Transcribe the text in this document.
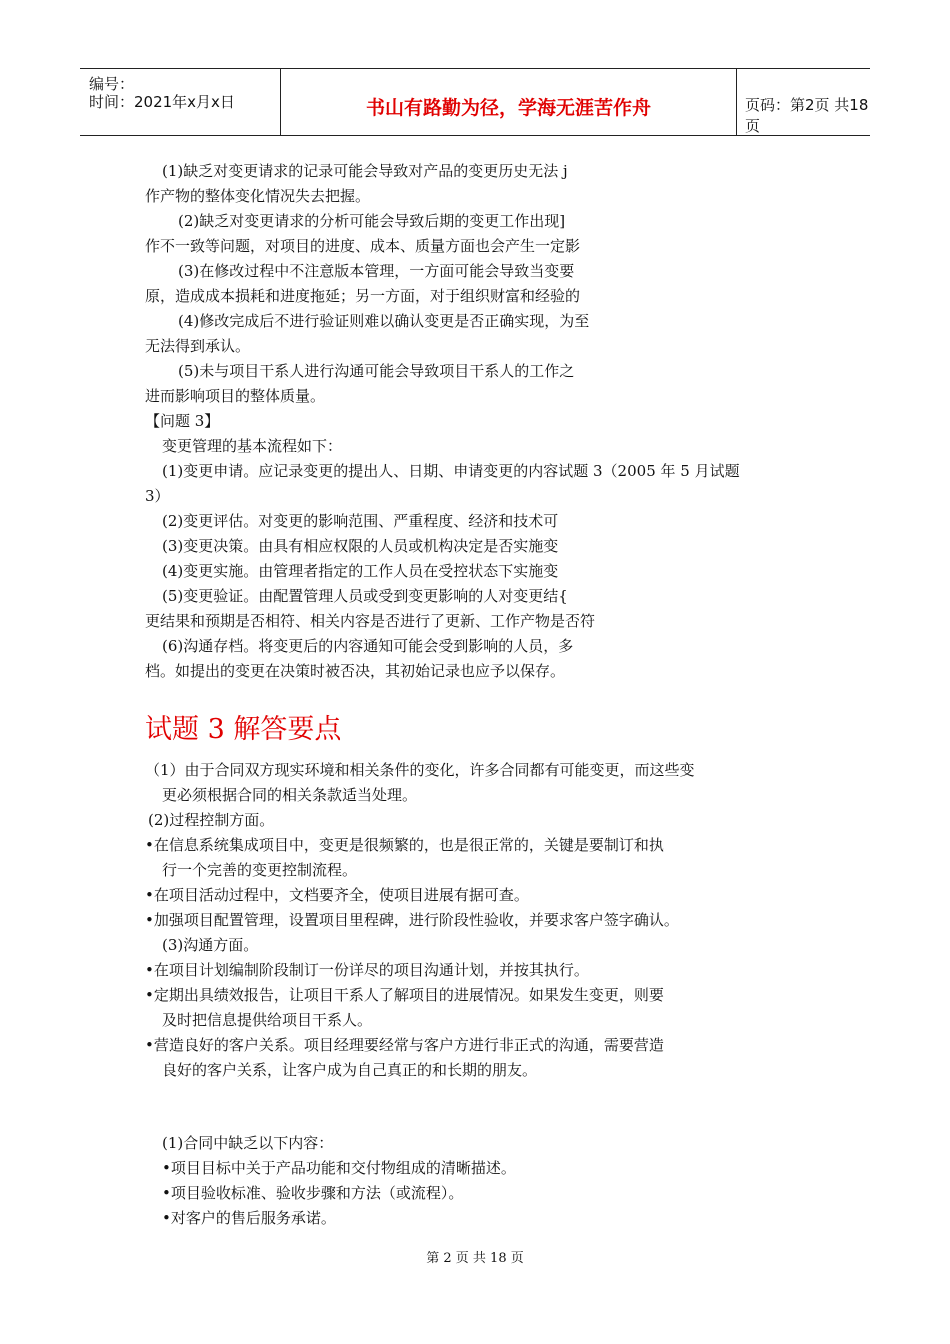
编号：
时间：2021年x月x日	书山有路勤为径，学海无涯苦作舟	页码：第2页 共18页
(1)缺乏对变更请求的记录可能会导致对产品的变更历史无法 j
作产物的整体变化情况失去把握。
(2)缺乏对变更请求的分析可能会导致后期的变更工作出现]
作不一致等问题，对项目的进度、成本、质量方面也会产生一定影
(3)在修改过程中不注意版本管理，一方面可能会导致当变要
原，造成成本损耗和进度拖延；另一方面，对于组织财富和经验的
(4)修改完成后不进行验证则难以确认变更是否正确实现，为至
无法得到承认。
(5)未与项目干系人进行沟通可能会导致项目干系人的工作之
进而影响项目的整体质量。
【问题 3】
变更管理的基本流程如下：
(1)变更申请。应记录变更的提出人、日期、申请变更的内容试题 3（2005 年 5 月试题
3）
(2)变更评估。对变更的影响范围、严重程度、经济和技术可
(3)变更决策。由具有相应权限的人员或机构决定是否实施变
(4)变更实施。由管理者指定的工作人员在受控状态下实施变
(5)变更验证。由配置管理人员或受到变更影响的人对变更结{
更结果和预期是否相符、相关内容是否进行了更新、工作产物是否符
(6)沟通存档。将变更后的内容通知可能会受到影响的人员，多
档。如提出的变更在决策时被否决，其初始记录也应予以保存。
试题 3 解答要点
（1）由于合同双方现实环境和相关条件的变化，许多合同都有可能变更，而这些变
更必须根据合同的相关条款适当处理。
(2)过程控制方面。
•在信息系统集成项目中，变更是很频繁的，也是很正常的，关键是要制订和执
行一个完善的变更控制流程。
•在项目活动过程中，文档要齐全，使项目进展有据可查。
•加强项目配置管理，设置项目里程碑，进行阶段性验收，并要求客户签字确认。
(3)沟通方面。
•在项目计划编制阶段制订一份详尽的项目沟通计划，并按其执行。
•定期出具绩效报告，让项目干系人了解项目的进展情况。如果发生变更，则要
及时把信息提供给项目干系人。
•营造良好的客户关系。项目经理要经常与客户方进行非正式的沟通，需要营造
良好的客户关系，让客户成为自己真正的和长期的朋友。
(1)合同中缺乏以下内容：
•项目目标中关于产品功能和交付物组成的清晰描述。
•项目验收标准、验收步骤和方法（或流程）。
•对客户的售后服务承诺。
第 2 页 共 18 页
